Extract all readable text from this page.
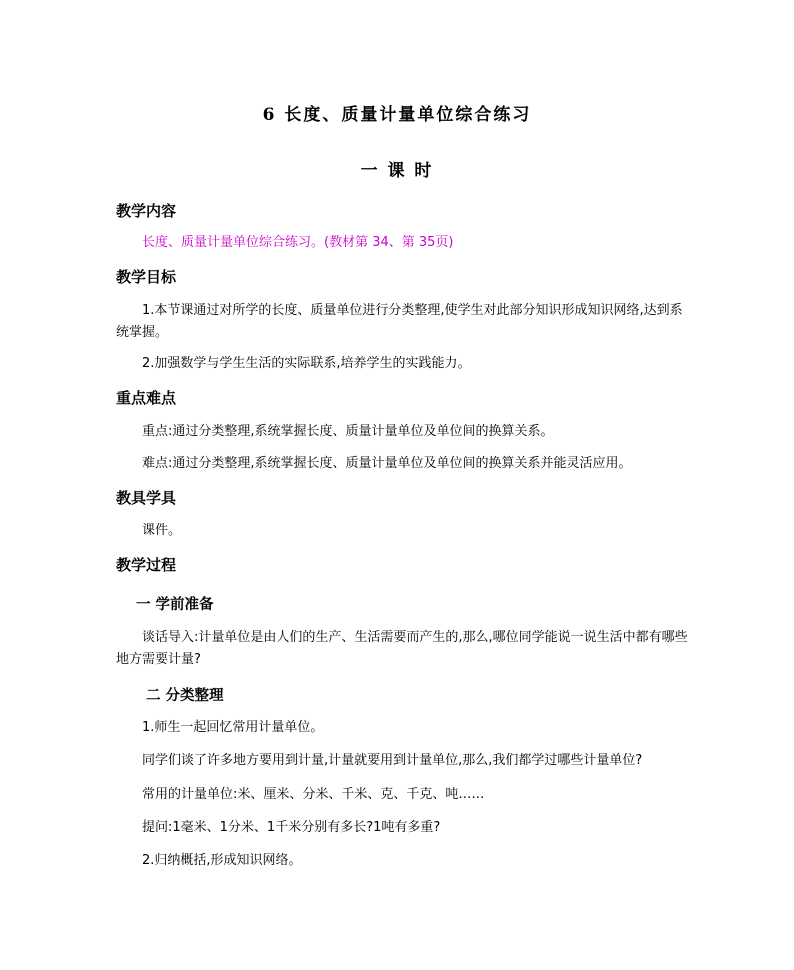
6 长度、质量计量单位综合练习
一 课 时
教学内容
长度、质量计量单位综合练习。(教材第 34、第 35页)
教学目标
1.本节课通过对所学的长度、质量单位进行分类整理,使学生对此部分知识形成知识网络,达到系统掌握。
2.加强数学与学生生活的实际联系,培养学生的实践能力。
重点难点
重点:通过分类整理,系统掌握长度、质量计量单位及单位间的换算关系。
难点:通过分类整理,系统掌握长度、质量计量单位及单位间的换算关系并能灵活应用。
教具学具
课件。
教学过程
一 学前准备
谈话导入:计量单位是由人们的生产、生活需要而产生的,那么,哪位同学能说一说生活中都有哪些地方需要计量?
二 分类整理
1.师生一起回忆常用计量单位。
同学们谈了许多地方要用到计量,计量就要用到计量单位,那么,我们都学过哪些计量单位?
常用的计量单位:米、厘米、分米、千米、克、千克、吨……
提问:1毫米、1分米、1千米分别有多长?1吨有多重?
2.归纳概括,形成知识网络。
